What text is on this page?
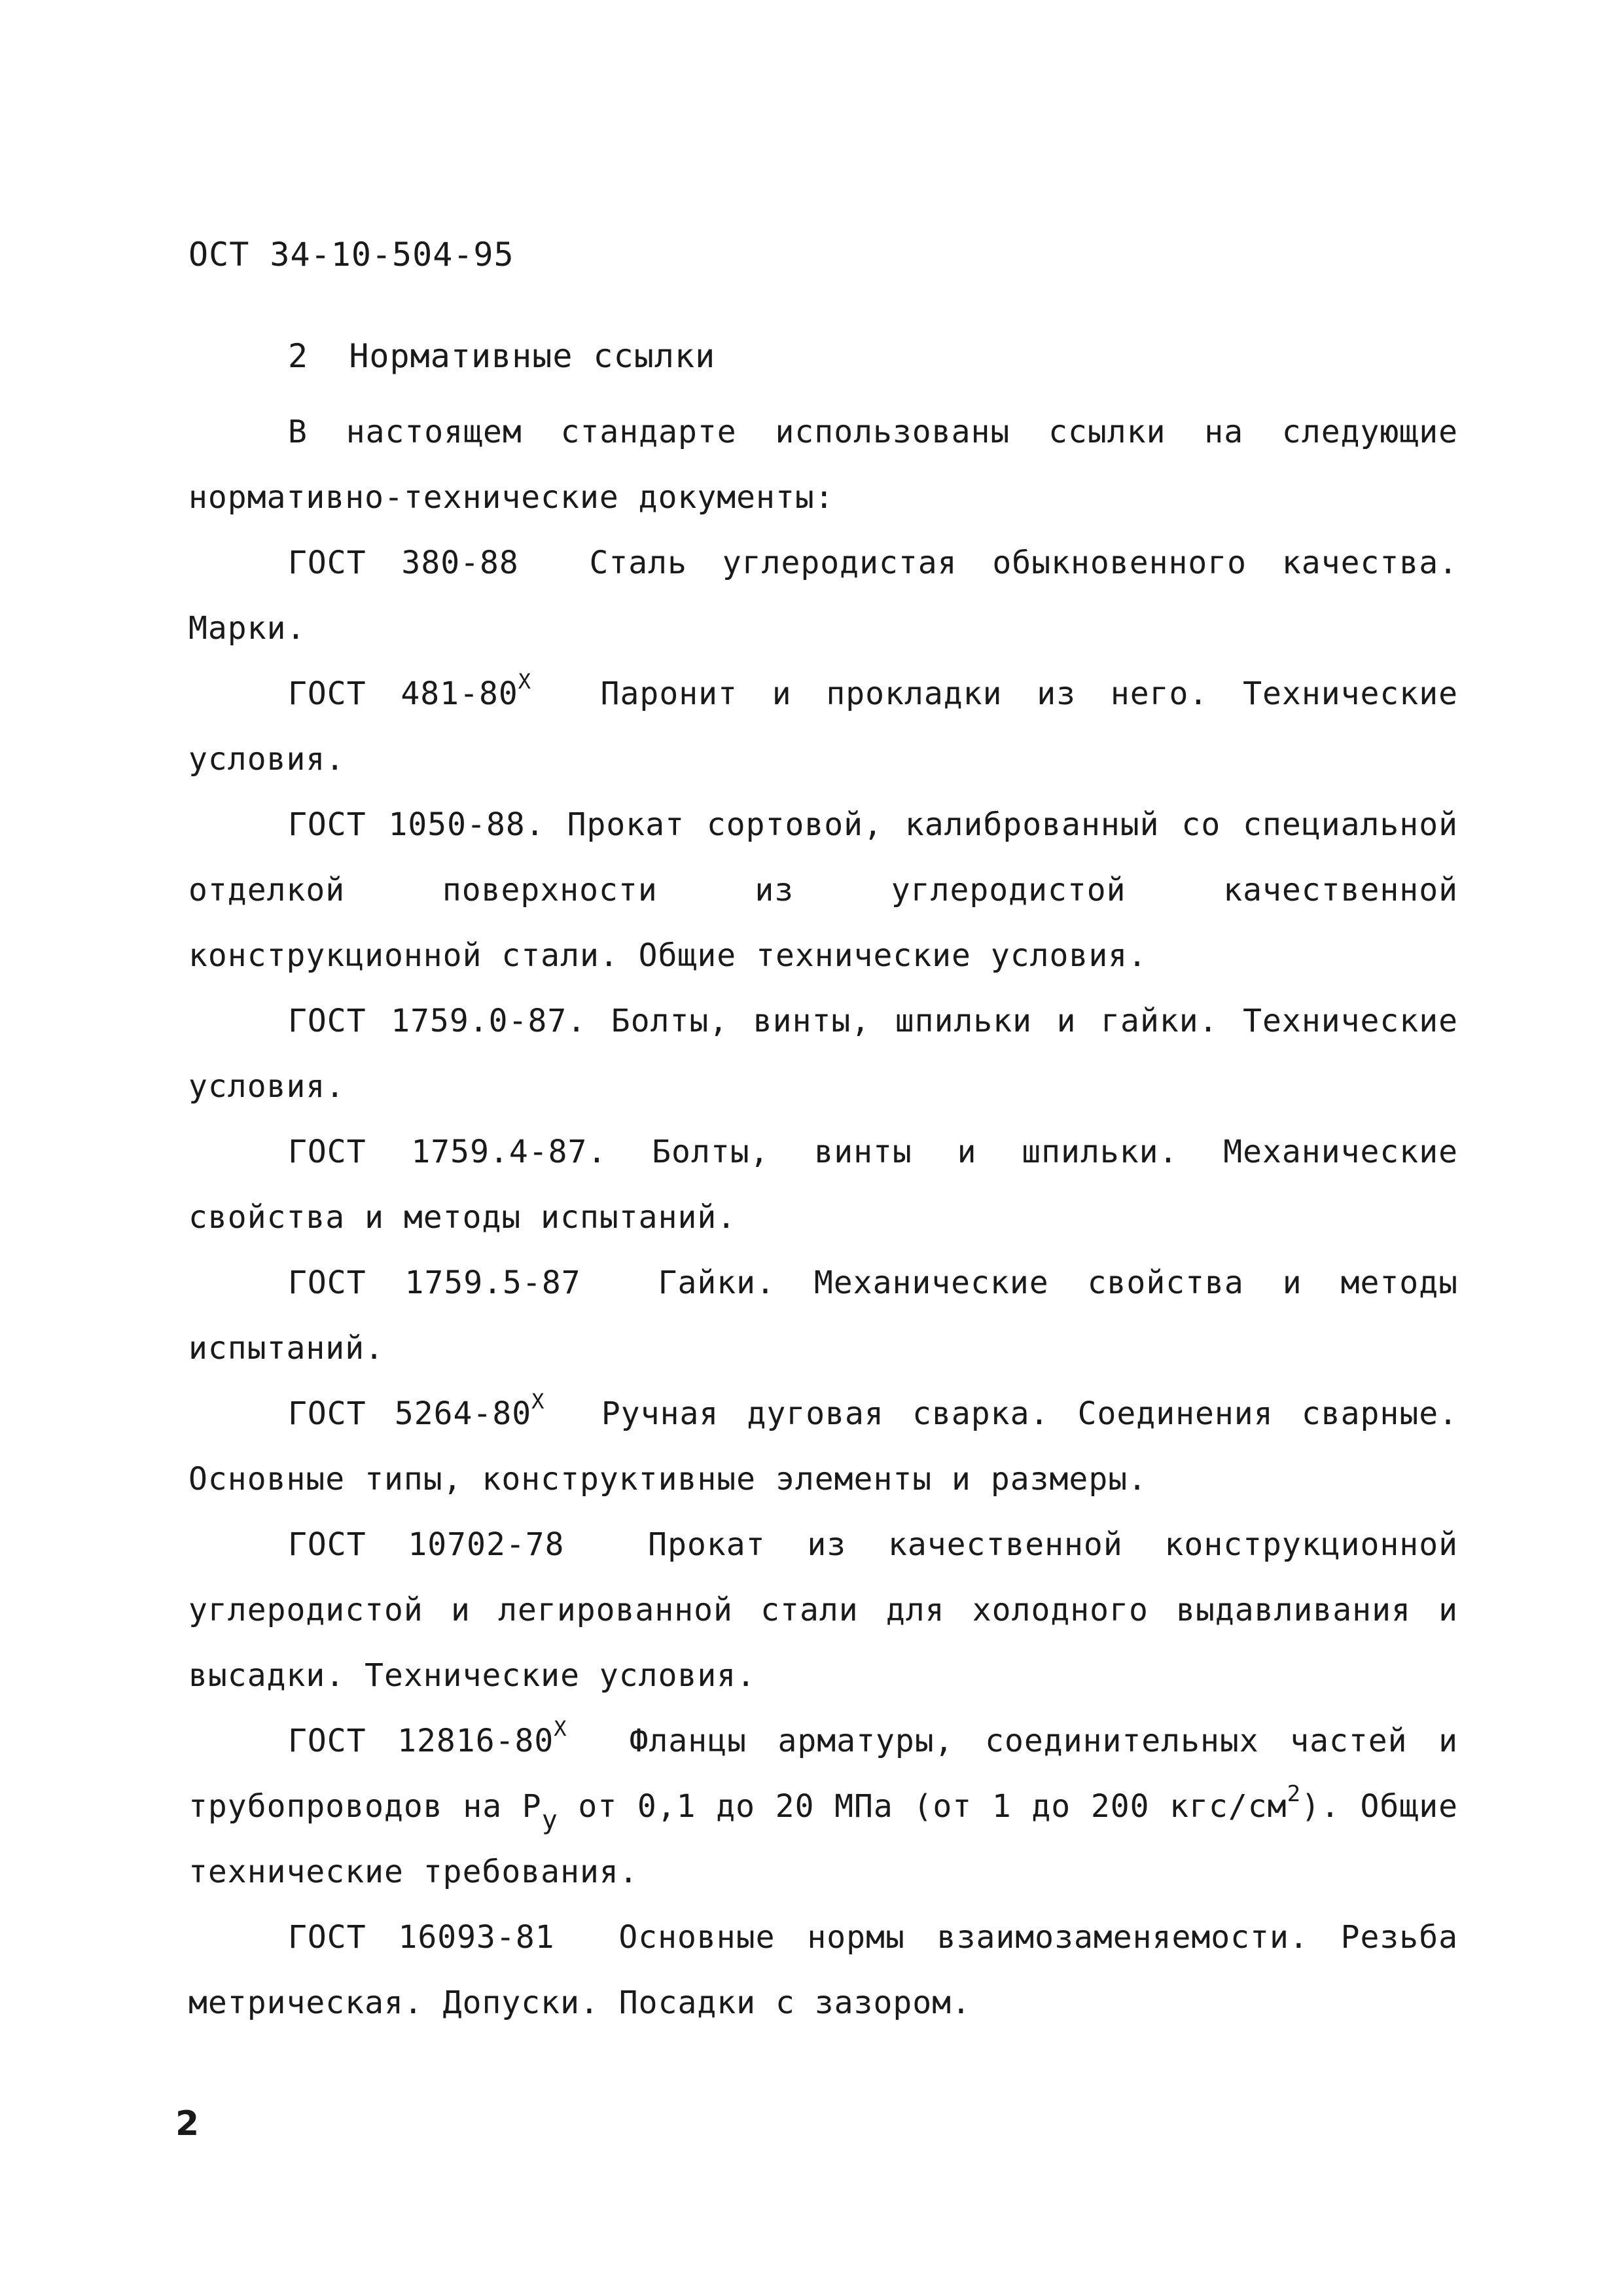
ОСТ 34-10-504-95
2 Нормативные ссылки

В настоящем стандарте использованы ссылки на следующие нормативно-технические документы:

ГОСТ 380-88 Сталь углеродистая обыкновенного качества. Марки.

ГОСТ $481-80^Х$ Паронит и прокладки из него. Технические условия.

ГОСТ 1050-88. Прокат сортовой, калиброванный со специальной отделкой поверхности из углеродистой качественной конструкционной стали. Общие технические условия.

ГОСТ 1759.0-87. Болты, винты, шпильки и гайки. Технические условия.

ГОСТ 1759.4-87. Болты, винты и шпильки. Механические свойства и методы испытаний.

ГОСТ 1759.5-87 Гайки. Механические свойства и методы испытаний.

ГОСТ $5264-80^Х$ Ручная дуговая сварка. Соединения сварные. Основные типы, конструктивные элементы и размеры.

ГОСТ 10702-78	Прокат из качественной конструкционной углеродистой и легированной стали для холодного выдавливания и высадки. Технические условия.

ГОСТ $12816-80^Х$ Фланцы арматуры, соединительных частей и трубопроводов на $Р_у$ от 0,1 до 20 МПа (от 1 до 200 кгс/$см^2$). Общие технические требования.

ГОСТ 16093-81 Основные нормы взаимозаменяемости. Резьба метрическая. Допуски. Посадки с зазором.

2
